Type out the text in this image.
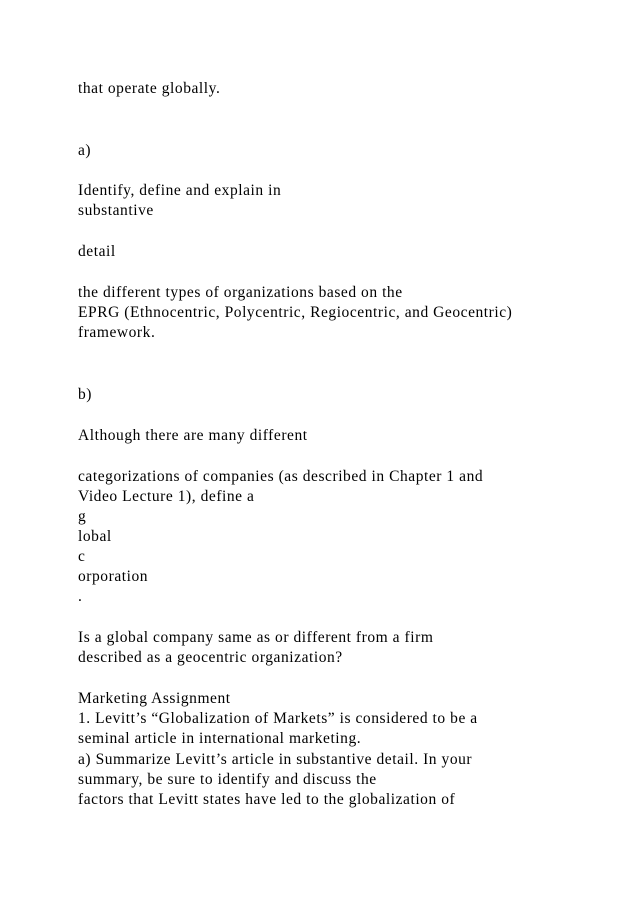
that operate globally.
a)
Identify, define and explain in
substantive
detail
the different types of organizations based on the
EPRG (Ethnocentric, Polycentric, Regiocentric, and Geocentric)
framework.
b)
Although there are many different
categorizations of companies (as described in Chapter 1 and
Video Lecture 1), define a
g
lobal
c
orporation
.
Is a global company same as or different from a firm
described as a geocentric organization?
Marketing Assignment
1. Levitt’s “Globalization of Markets” is considered to be a
seminal article in international marketing.
a) Summarize Levitt’s article in substantive detail. In your
summary, be sure to identify and discuss the
factors that Levitt states have led to the globalization of
